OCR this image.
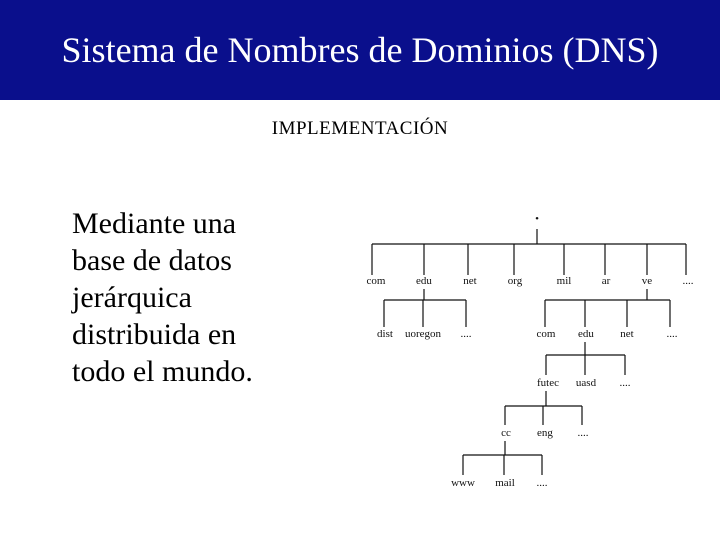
Sistema de Nombres de Dominios (DNS)
IMPLEMENTACIÓN
Mediante una
base de datos
jerárquica
distribuida en
todo el mundo.
•
com	edu	net	org	mil	ar	ve	....
dist uoregon ....	com edu net	....
futec uasd ....
cc eng ....
www mail ....
